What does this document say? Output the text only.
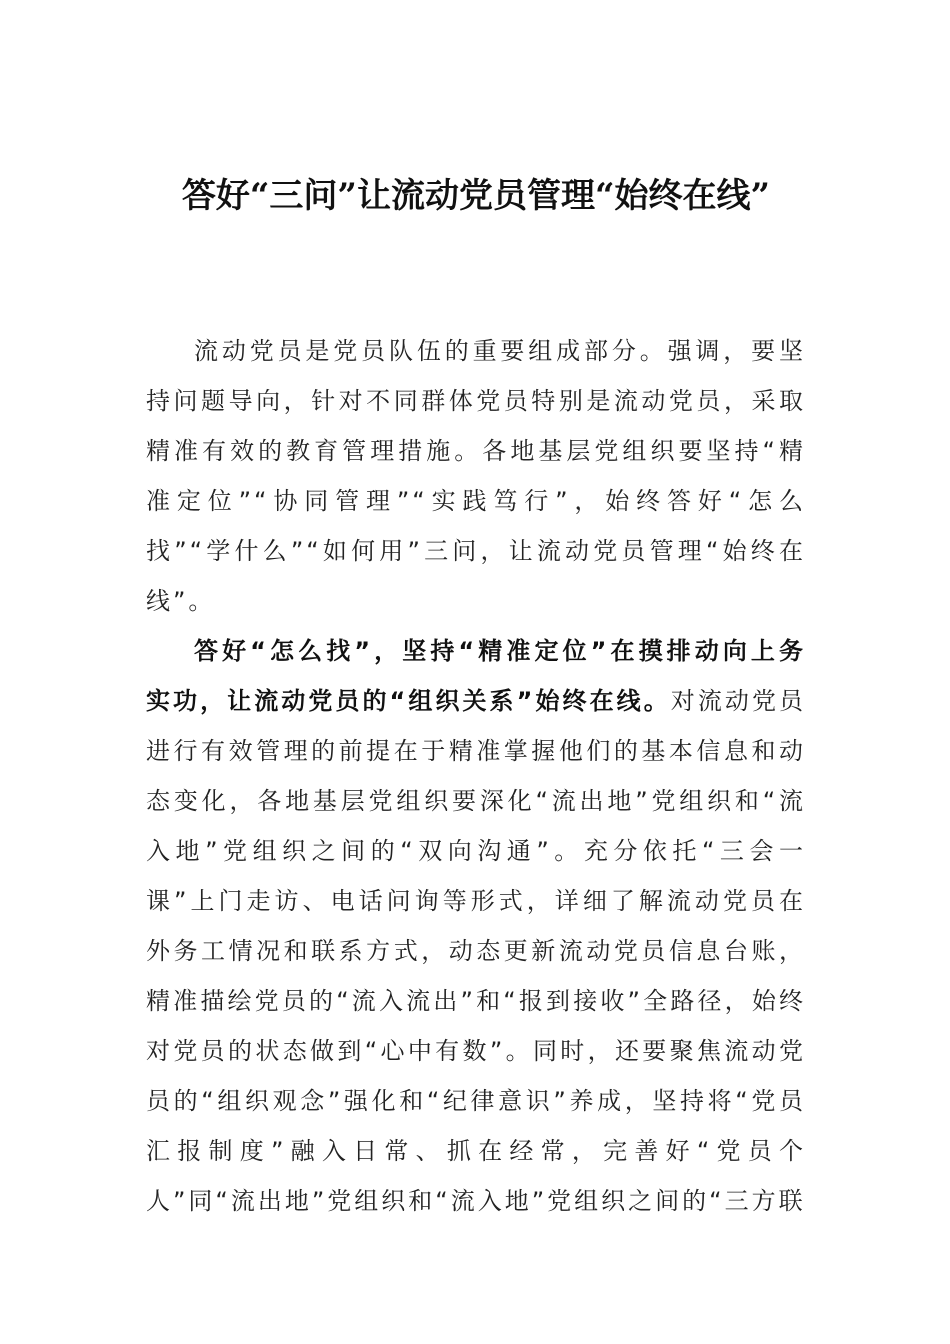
答好“三问”让流动党员管理“始终在线”

流动党员是党员队伍的重要组成部分。强调，要坚持问题导向，针对不同群体党员特别是流动党员，采取精准有效的教育管理措施。各地基层党组织要坚持“精准定位”“协同管理”“实践笃行”，始终答好“怎么找”“学什么”“如何用”三问，让流动党员管理“始终在线”。

答好“怎么找”，坚持“精准定位”在摸排动向上务实功，让流动党员的“组织关系”始终在线。对流动党员进行有效管理的前提在于精准掌握他们的基本信息和动态变化，各地基层党组织要深化“流出地”党组织和“流入地”党组织之间的“双向沟通”。充分依托“三会一课”上门走访、电话问询等形式，详细了解流动党员在外务工情况和联系方式，动态更新流动党员信息台账，精准描绘党员的“流入流出”和“报到接收”全路径，始终对党员的状态做到“心中有数”。同时，还要聚焦流动党员的“组织观念”强化和“纪律意识”养成，坚持将“党员汇报制度”融入日常、抓在经常，完善好“党员个人”同“流出地”党组织和“流入地”党组织之间的“三方联
